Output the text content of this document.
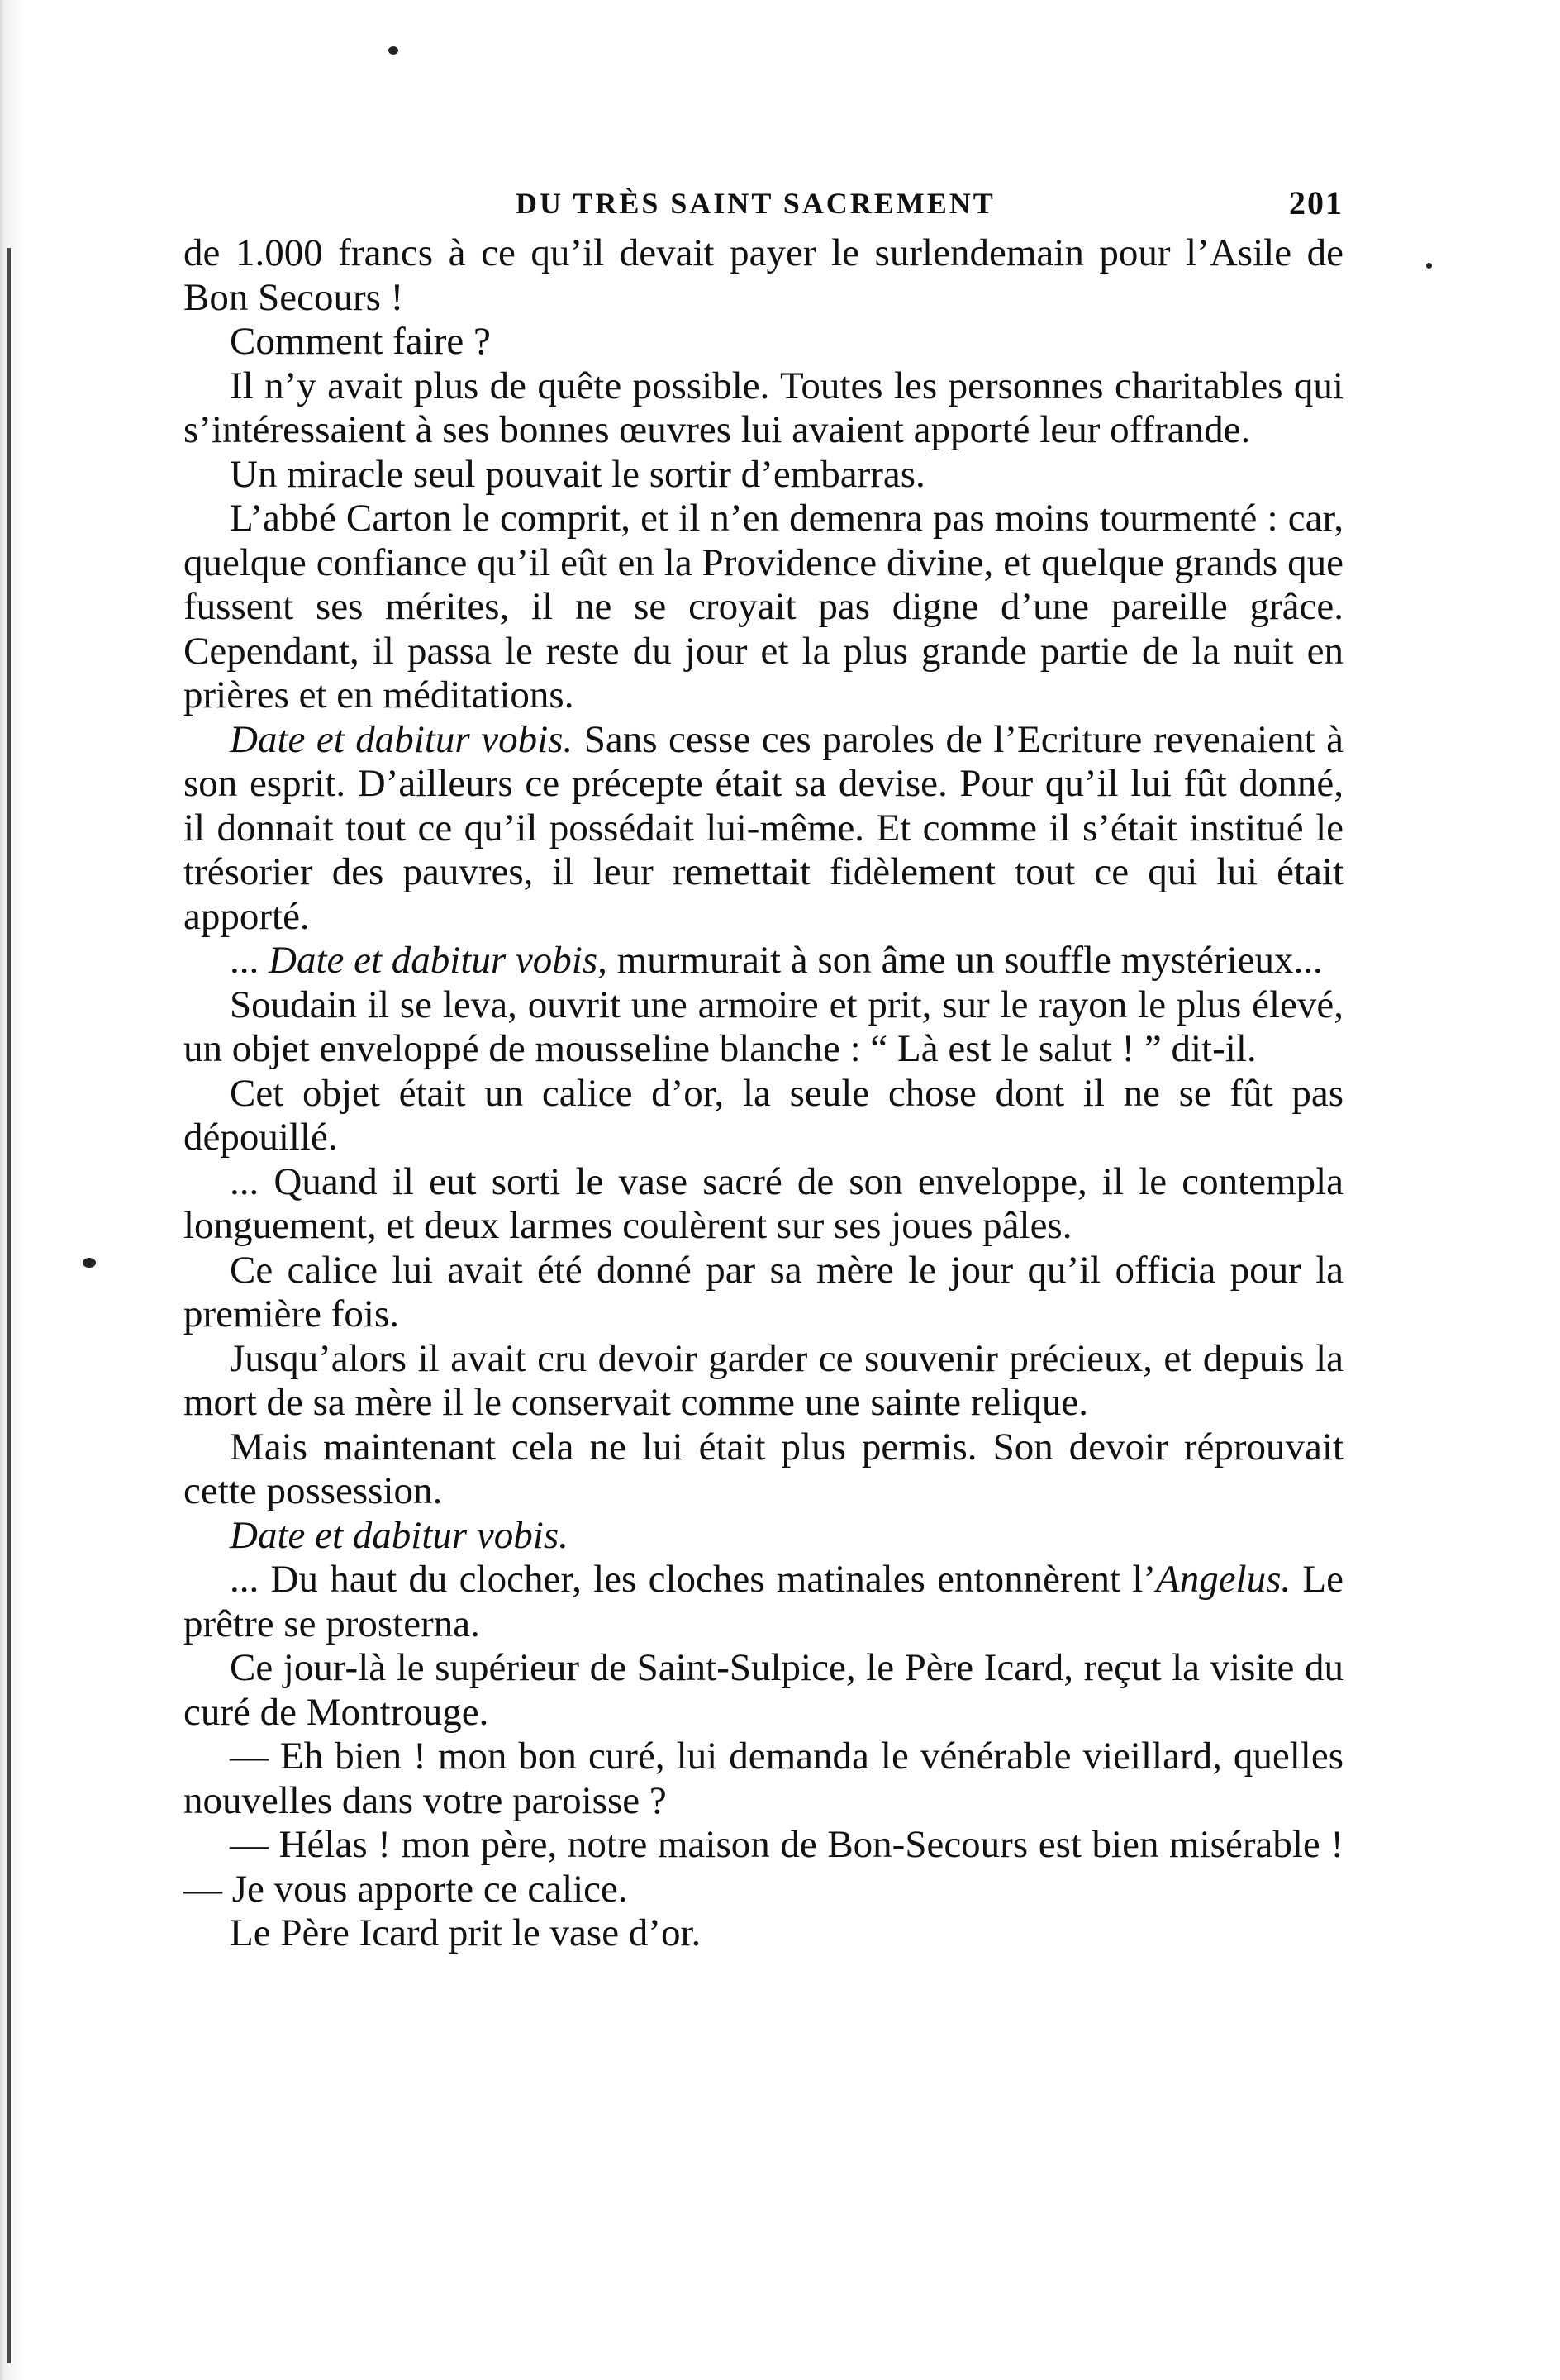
DU TRÈS SAINT SACREMENT	201

de 1.000 francs à ce qu’il devait payer le surlendemain pour l’Asile de Bon Secours !

Comment faire ?

Il n’y avait plus de quête possible. Toutes les personnes charitables qui s’intéressaient à ses bonnes œuvres lui avaient apporté leur offrande.

Un miracle seul pouvait le sortir d’embarras.

L’abbé Carton le comprit, et il n’en demenra pas moins tourmenté : car, quelque confiance qu’il eût en la Providence divine, et quelque grands que fussent ses mérites, il ne se croyait pas digne d’une pareille grâce. Cependant, il passa le reste du jour et la plus grande partie de la nuit en prières et en méditations.

Date et dabitur vobis. Sans cesse ces paroles de l’Ecriture revenaient à son esprit. D’ailleurs ce précepte était sa devise. Pour qu’il lui fût donné, il donnait tout ce qu’il possédait lui-même. Et comme il s’était institué le trésorier des pauvres, il leur remettait fidèlement tout ce qui lui était apporté.

... Date et dabitur vobis, murmurait à son âme un souffle mystérieux...

Soudain il se leva, ouvrit une armoire et prit, sur le rayon le plus élevé, un objet enveloppé de mousseline blanche : “ Là est le salut ! ” dit-il.

Cet objet était un calice d’or, la seule chose dont il ne se fût pas dépouillé.

... Quand il eut sorti le vase sacré de son enveloppe, il le contempla longuement, et deux larmes coulèrent sur ses joues pâles.

Ce calice lui avait été donné par sa mère le jour qu’il officia pour la première fois.

Jusqu’alors il avait cru devoir garder ce souvenir précieux, et depuis la mort de sa mère il le conservait comme une sainte relique.

Mais maintenant cela ne lui était plus permis. Son devoir réprouvait cette possession.

Date et dabitur vobis.

... Du haut du clocher, les cloches matinales entonnèrent l’Angelus. Le prêtre se prosterna.

Ce jour-là le supérieur de Saint-Sulpice, le Père Icard, reçut la visite du curé de Montrouge.

— Eh bien ! mon bon curé, lui demanda le vénérable vieillard, quelles nouvelles dans votre paroisse ?

— Hélas ! mon père, notre maison de Bon-Secours est bien misérable ! — Je vous apporte ce calice.

Le Père Icard prit le vase d’or.
